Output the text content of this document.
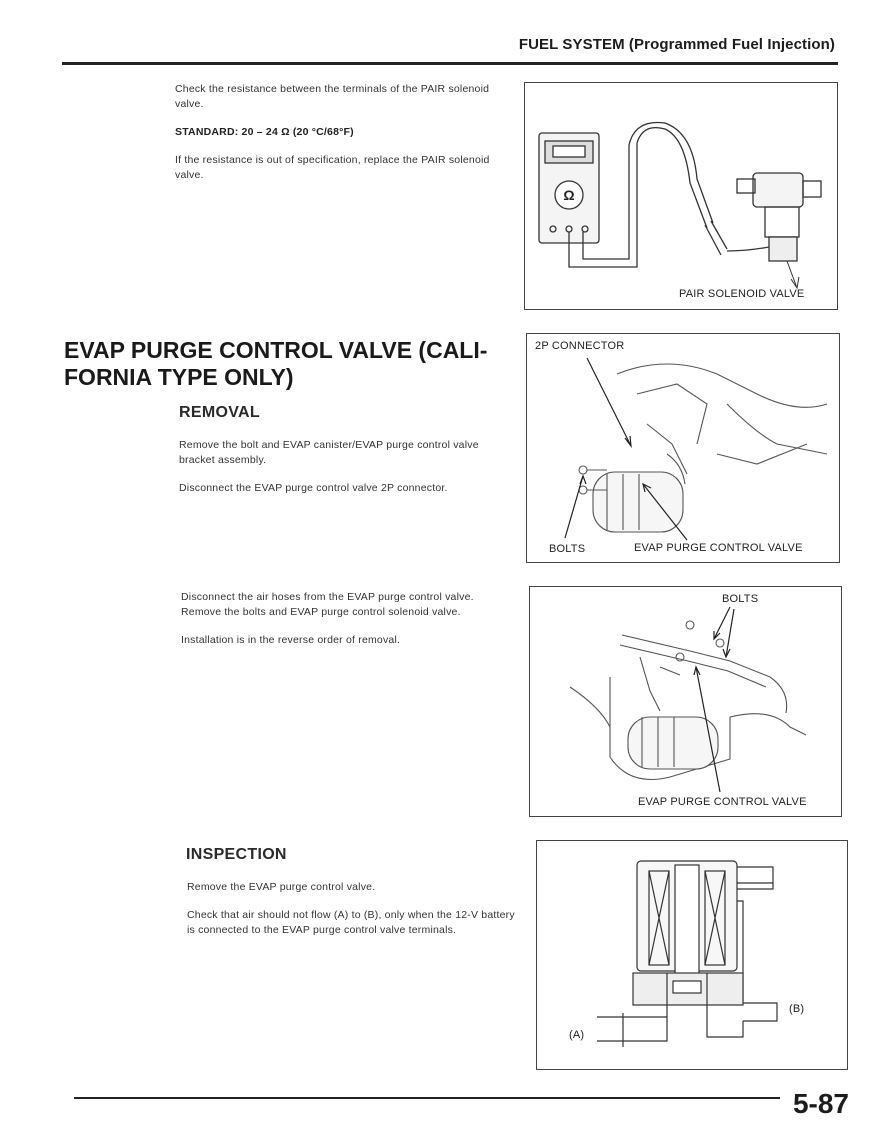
FUEL SYSTEM (Programmed Fuel Injection)

Check the resistance between the terminals of the PAIR solenoid valve.

STANDARD: 20 – 24 Ω (20 °C/68°F)

If the resistance is out of specification, replace the PAIR solenoid valve.

Ω
PAIR SOLENOID VALVE
EVAP PURGE CONTROL VALVE (CALI-
FORNIA TYPE ONLY)
REMOVAL

Remove the bolt and EVAP canister/EVAP purge control valve bracket assembly.

Disconnect the EVAP purge control valve 2P connector.

2P CONNECTOR
BOLTS	EVAP PURGE CONTROL VALVE

Disconnect the air hoses from the EVAP purge control valve.

Remove the bolts and EVAP purge control solenoid valve.

Installation is in the reverse order of removal.

BOLTS
EVAP PURGE CONTROL VALVE
INSPECTION

Remove the EVAP purge control valve.

Check that air should not flow (A) to (B), only when the 12-V battery is connected to the EVAP purge control valve terminals.

(A)
(B)
5-87
